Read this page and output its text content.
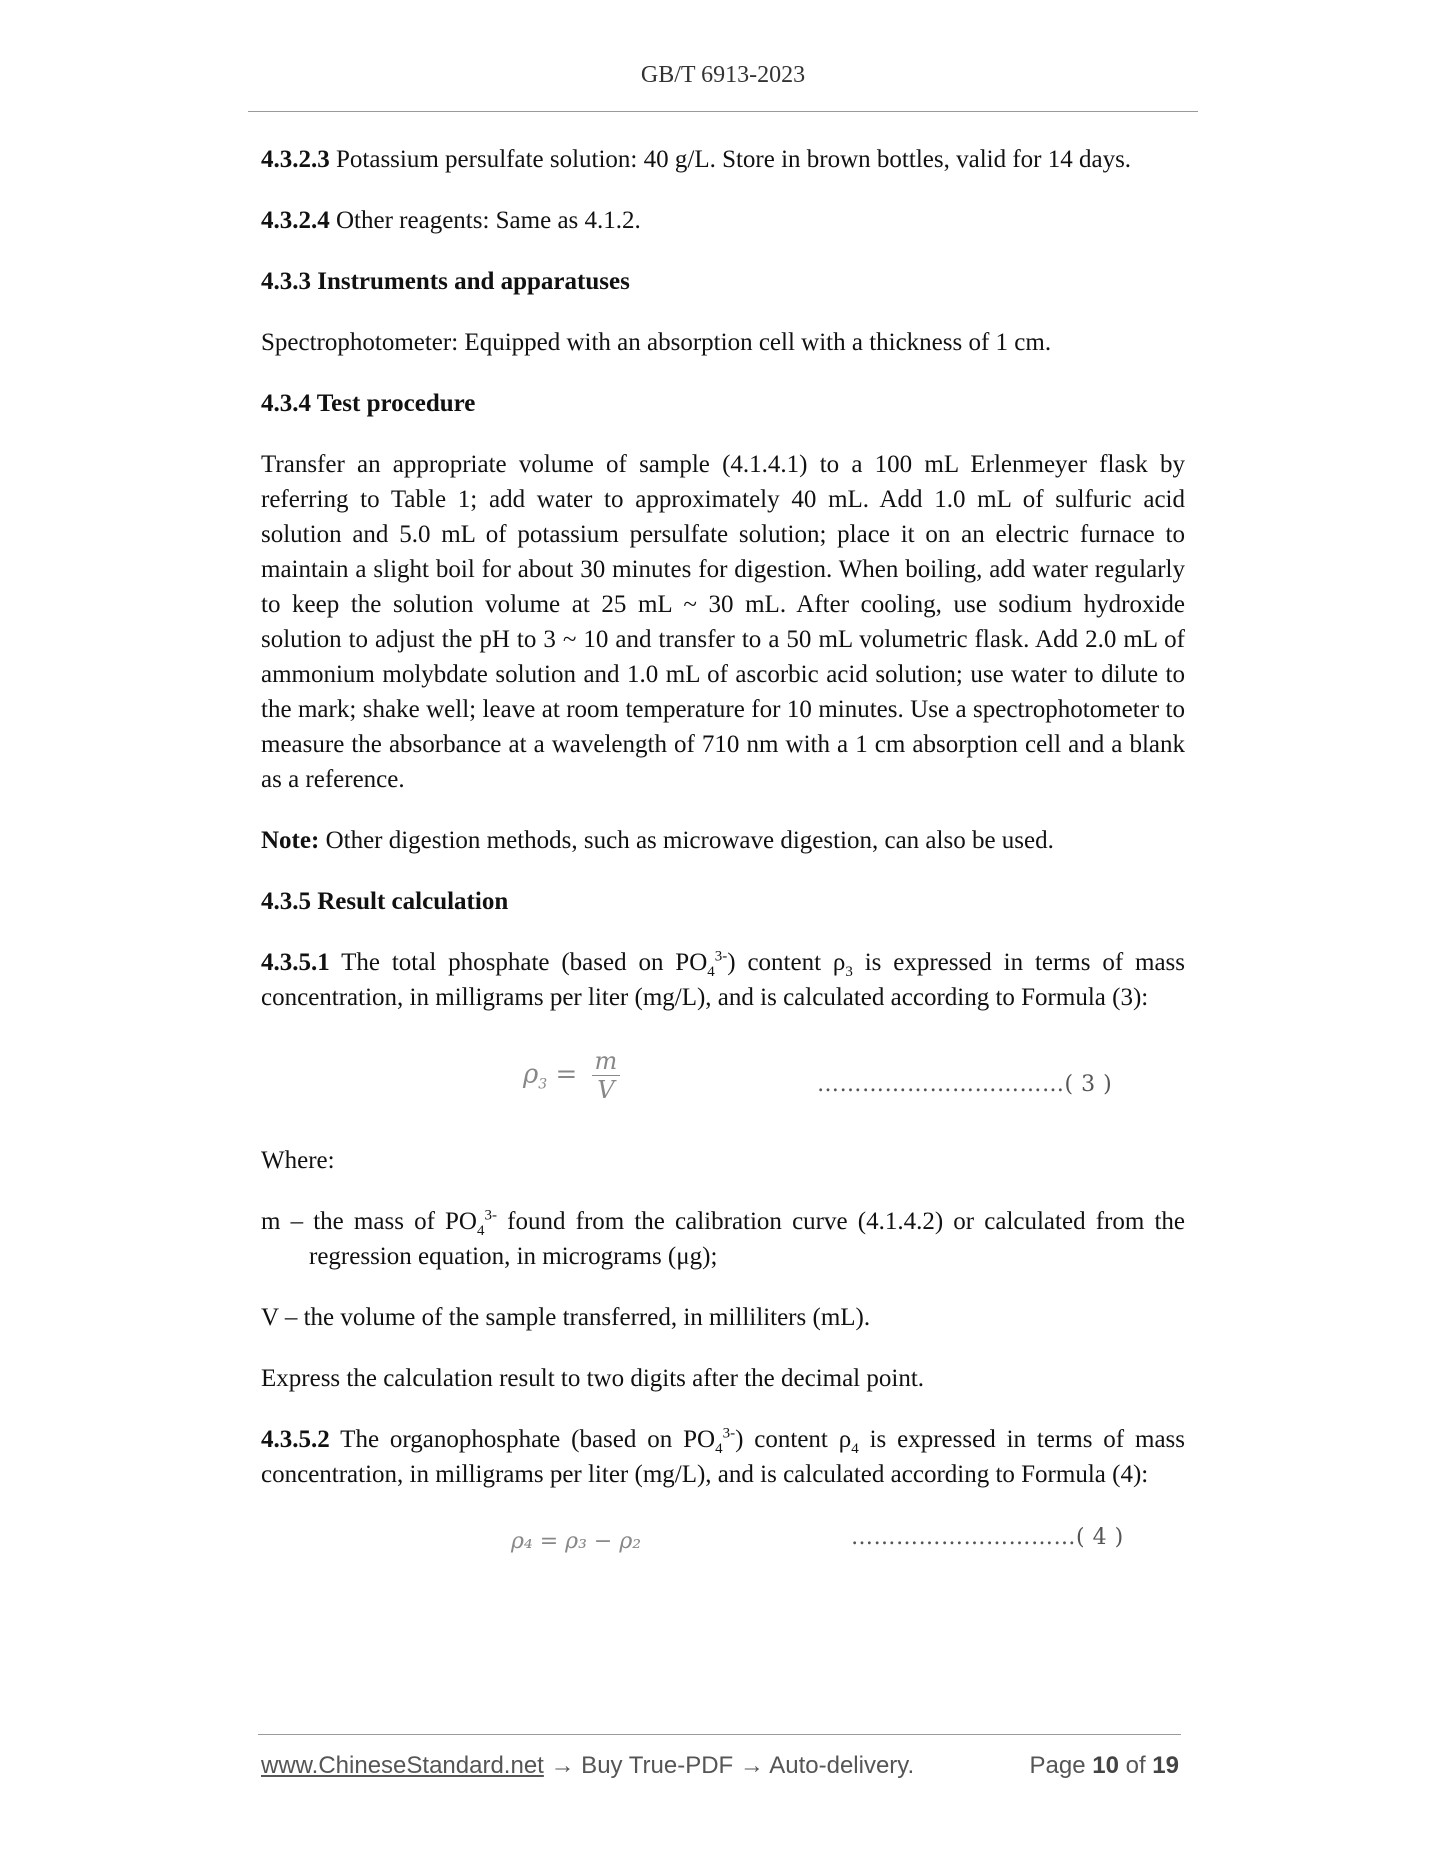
GB/T 6913-2023

4.3.2.3 Potassium persulfate solution: 40 g/L. Store in brown bottles, valid for 14 days.

4.3.2.4 Other reagents: Same as 4.1.2.

4.3.3 Instruments and apparatuses

Spectrophotometer: Equipped with an absorption cell with a thickness of 1 cm.

4.3.4 Test procedure

Transfer an appropriate volume of sample (4.1.4.1) to a 100 mL Erlenmeyer flask by referring to Table 1; add water to approximately 40 mL. Add 1.0 mL of sulfuric acid solution and 5.0 mL of potassium persulfate solution; place it on an electric furnace to maintain a slight boil for about 30 minutes for digestion. When boiling, add water regularly to keep the solution volume at 25 mL ~ 30 mL. After cooling, use sodium hydroxide solution to adjust the pH to 3 ~ 10 and transfer to a 50 mL volumetric flask. Add 2.0 mL of ammonium molybdate solution and 1.0 mL of ascorbic acid solution; use water to dilute to the mark; shake well; leave at room temperature for 10 minutes. Use a spectrophotometer to measure the absorbance at a wavelength of 710 nm with a 1 cm absorption cell and a blank as a reference.

Note: Other digestion methods, such as microwave digestion, can also be used.

4.3.5 Result calculation

4.3.5.1 The total phosphate (based on $PO_4^{3-}$) content $\rho_3$ is expressed in terms of mass concentration, in milligrams per liter (mg/L), and is calculated according to Formula (3):

$\rho_3 = \frac{m}{V}$	……………………………( 3 )

Where:

m – the mass of $PO_4^{3-}$ found from the calibration curve (4.1.4.2) or calculated from the regression equation, in micrograms (μg);

V – the volume of the sample transferred, in milliliters (mL).

Express the calculation result to two digits after the decimal point.

4.3.5.2 The organophosphate (based on $PO_4^{3-}$) content $\rho_4$ is expressed in terms of mass concentration, in milligrams per liter (mg/L), and is calculated according to Formula (4):

ρ₄ = ρ₃ − ρ₂	…………………………( 4 )
www.ChineseStandard.net → Buy True-PDF → Auto-delivery.	Page 10 of 19
